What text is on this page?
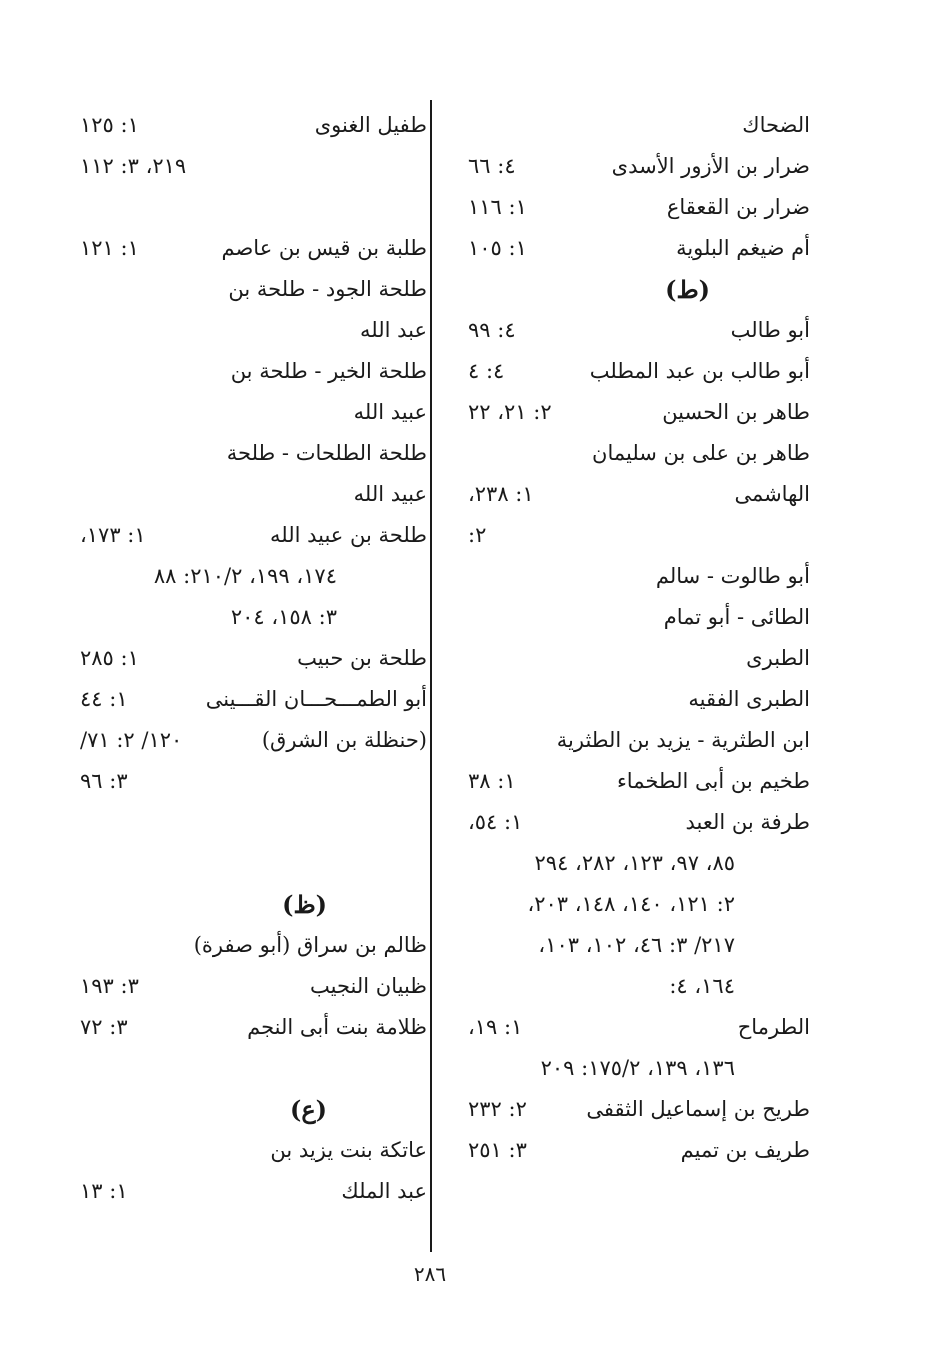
الضحاك
ضرار بن الأزور الأسدى
٤: ٦٦
ضرار بن القعقاع
١: ١١٦
أم ضيغم البلوية
١: ١٠٥
(ط)
أبو طالب
٤: ٩٩
أبو طالب بن عبد المطلب
٤: ٤
طاهر بن الحسين
٢: ٢١، ٢٢
طاهر بن على بن سليمان
الهاشمى
١: ٢٣٨،
٢:
أبو طالوت - سالم
الطائى - أبو تمام
الطبرى
الطبرى الفقيه
ابن الطثرية - يزيد بن الطثرية
طخيم بن أبى الطخماء
١: ٣٨
طرفة بن العبد
١: ٥٤،
٨٥، ٩٧، ١٢٣، ٢٨٢، ٢٩٤
٢: ١٢١، ١٤٠، ١٤٨، ٢٠٣،
٢١٧/ ٣: ٤٦، ١٠٢، ١٠٣،
١٦٤، ٤:
الطرماح
١: ١٩،
١٣٦، ١٣٩، ١٧٥/٢: ٢٠٩
طريح بن إسماعيل الثقفى
٢: ٢٣٢
طريف بن تميم
٣: ٢٥١
طفيل الغنوى
١: ١٢٥
٢١٩، ٣: ١١٢
طلبة بن قيس بن عاصم
١: ١٢١
طلحة الجود - طلحة بن
عبد الله
طلحة الخير - طلحة بن
عبيد الله
طلحة الطلحات - طلحة
عبيد الله
طلحة بن عبيد الله
١: ١٧٣،
١٧٤، ١٩٩، ٢١٠/٢: ٨٨
٣: ١٥٨، ٢٠٤
طلحة بن حبيب
١: ٢٨٥
أبو الطمـــحـــان القـــينى
١: ٤٤
(حنظلة بن الشرق)
١٢٠/ ٢: ٧١/
٣: ٩٦
(ظ)
ظالم بن سراق (أبو صفرة)
ظبيان النجيب
٣: ١٩٣
ظلامة بنت أبى النجم
٣: ٧٢
(ع)
عاتكة بنت يزيد بن
عبد الملك
١: ١٣
٢٨٦
